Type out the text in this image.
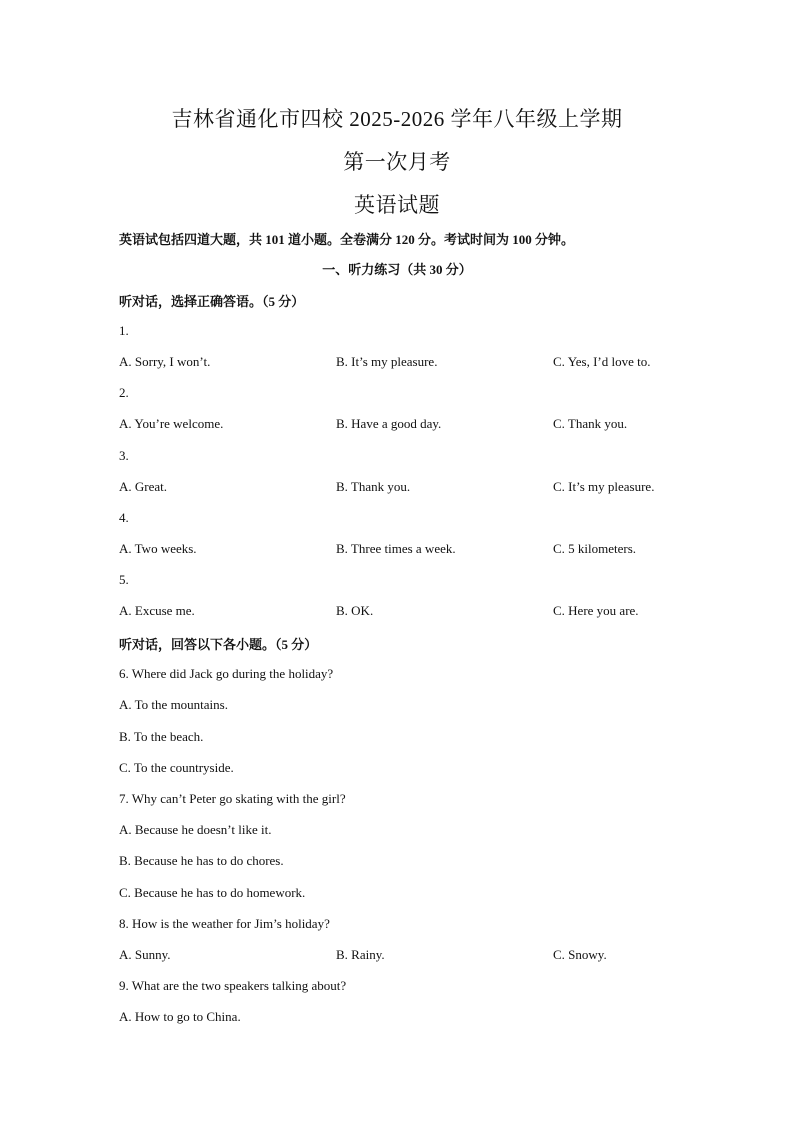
吉林省通化市四校 2025-2026 学年八年级上学期
第一次月考
英语试题
英语试包括四道大题，共 101 道小题。全卷满分 120 分。考试时间为 100 分钟。
一、听力练习（共 30 分）
听对话，选择正确答语。（5 分）
1.
A. Sorry, I won’t.	B. It’s my pleasure.	C. Yes, I’d love to.
2.
A. You’re welcome.	B. Have a good day.	C. Thank you.
3.
A. Great.	B. Thank you.	C. It’s my pleasure.
4.
A. Two weeks.	B. Three times a week.	C. 5 kilometers.
5.
A. Excuse me.	B. OK.	C. Here you are.
听对话，回答以下各小题。（5 分）
6. Where did Jack go during the holiday?
A. To the mountains.
B. To the beach.
C. To the countryside.
7. Why can’t Peter go skating with the girl?
A. Because he doesn’t like it.
B. Because he has to do chores.
C. Because he has to do homework.
8. How is the weather for Jim’s holiday?
A. Sunny.	B. Rainy.	C. Snowy.
9. What are the two speakers talking about?
A. How to go to China.
